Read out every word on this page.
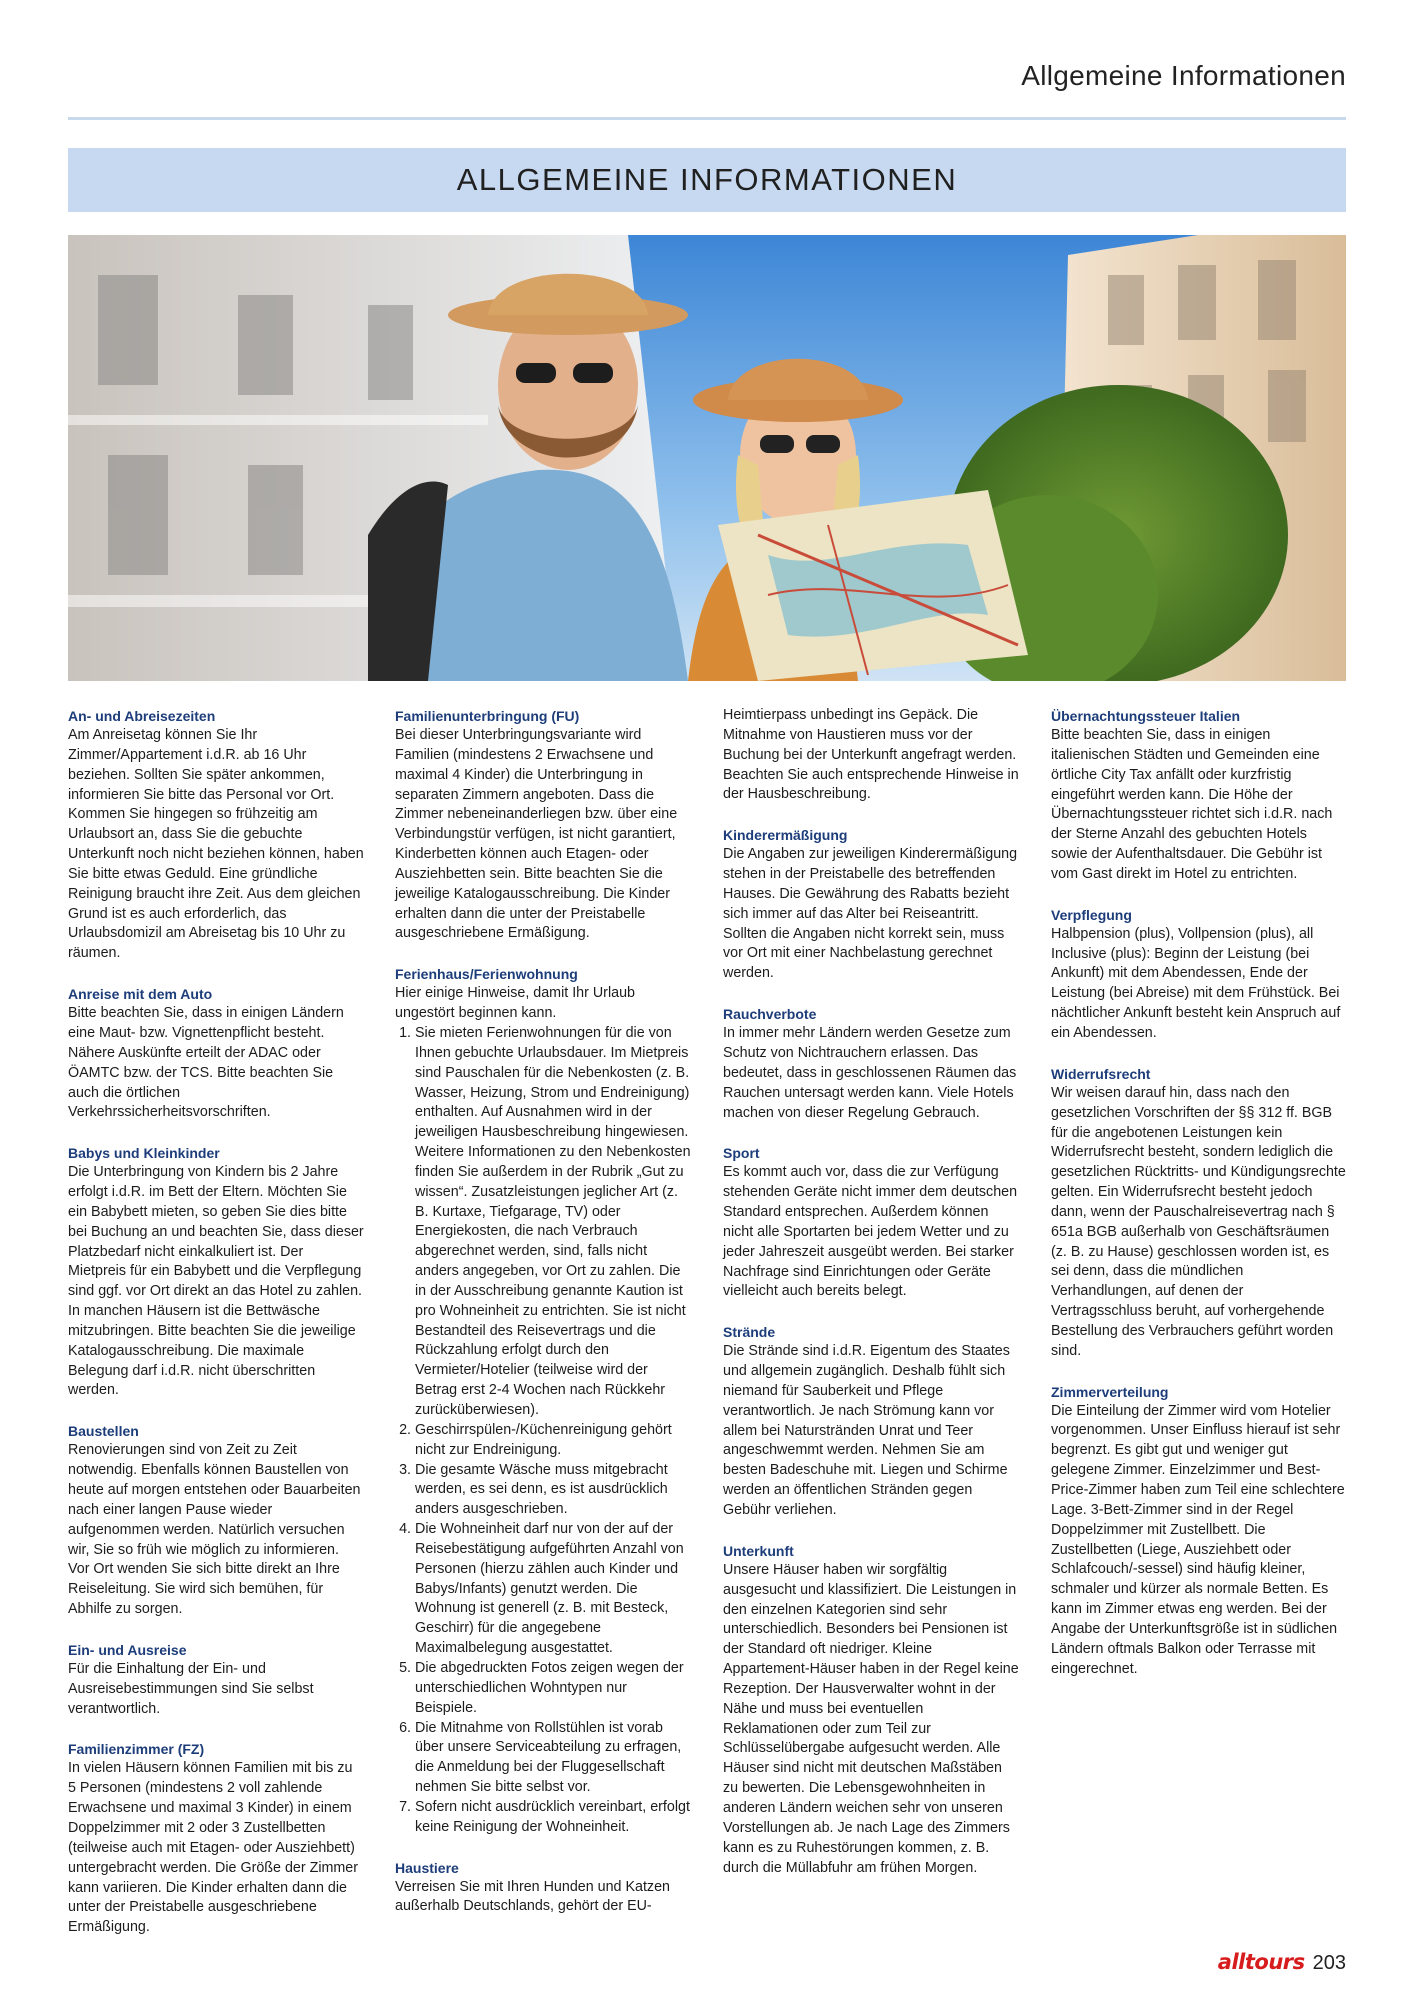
Allgemeine Informationen
ALLGEMEINE INFORMATIONEN
An- und Abreisezeiten

Am Anreisetag können Sie Ihr Zimmer/Appartement i.d.R. ab 16 Uhr beziehen. Sollten Sie später ankommen, informieren Sie bitte das Personal vor Ort. Kommen Sie hingegen so frühzeitig am Urlaubsort an, dass Sie die gebuchte Unterkunft noch nicht beziehen können, haben Sie bitte etwas Geduld. Eine gründliche Reinigung braucht ihre Zeit. Aus dem gleichen Grund ist es auch erforderlich, das Urlaubsdomizil am Abreisetag bis 10 Uhr zu räumen.

Anreise mit dem Auto

Bitte beachten Sie, dass in einigen Ländern eine Maut- bzw. Vignettenpflicht besteht. Nähere Auskünfte erteilt der ADAC oder ÖAMTC bzw. der TCS. Bitte beachten Sie auch die örtlichen Verkehrssicherheitsvorschriften.

Babys und Kleinkinder

Die Unterbringung von Kindern bis 2 Jahre erfolgt i.d.R. im Bett der Eltern. Möchten Sie ein Babybett mieten, so geben Sie dies bitte bei Buchung an und beachten Sie, dass dieser Platzbedarf nicht einkalkuliert ist. Der Mietpreis für ein Babybett und die Verpflegung sind ggf. vor Ort direkt an das Hotel zu zahlen. In manchen Häusern ist die Bettwäsche mitzubringen. Bitte beachten Sie die jeweilige Katalogausschreibung. Die maximale Belegung darf i.d.R. nicht überschritten werden.

Baustellen

Renovierungen sind von Zeit zu Zeit notwendig. Ebenfalls können Baustellen von heute auf morgen entstehen oder Bauarbeiten nach einer langen Pause wieder aufgenommen werden. Natürlich versuchen wir, Sie so früh wie möglich zu informieren. Vor Ort wenden Sie sich bitte direkt an Ihre Reiseleitung. Sie wird sich bemühen, für Abhilfe zu sorgen.

Ein- und Ausreise

Für die Einhaltung der Ein- und Ausreisebestimmungen sind Sie selbst verantwortlich.

Familienzimmer (FZ)

In vielen Häusern können Familien mit bis zu 5 Personen (mindestens 2 voll zahlende Erwachsene und maximal 3 Kinder) in einem Doppelzimmer mit 2 oder 3 Zustellbetten (teilweise auch mit Etagen- oder Ausziehbett) untergebracht werden. Die Größe der Zimmer kann variieren. Die Kinder erhalten dann die unter der Preistabelle ausgeschriebene Ermäßigung.

Familienunterbringung (FU)

Bei dieser Unterbringungsvariante wird Familien (mindestens 2 Erwachsene und maximal 4 Kinder) die Unterbringung in separaten Zimmern angeboten. Dass die Zimmer nebeneinanderliegen bzw. über eine Verbindungstür verfügen, ist nicht garantiert, Kinderbetten können auch Etagen- oder Ausziehbetten sein. Bitte beachten Sie die jeweilige Katalogausschreibung. Die Kinder erhalten dann die unter der Preistabelle ausgeschriebene Ermäßigung.

Ferienhaus/Ferienwohnung

Hier einige Hinweise, damit Ihr Urlaub ungestört beginnen kann.

1. Sie mieten Ferienwohnungen für die von Ihnen gebuchte Urlaubsdauer. Im Mietpreis sind Pauschalen für die Nebenkosten (z. B. Wasser, Heizung, Strom und Endreinigung) enthalten. Auf Ausnahmen wird in der jeweiligen Hausbeschreibung hingewiesen. Weitere Informationen zu den Nebenkosten finden Sie außerdem in der Rubrik „Gut zu wissen“. Zusatzleistungen jeglicher Art (z. B. Kurtaxe, Tiefgarage, TV) oder Energiekosten, die nach Verbrauch abgerechnet werden, sind, falls nicht anders angegeben, vor Ort zu zahlen. Die in der Ausschreibung genannte Kaution ist pro Wohneinheit zu entrichten. Sie ist nicht Bestandteil des Reisevertrags und die Rückzahlung erfolgt durch den Vermieter/Hotelier (teilweise wird der Betrag erst 2-4 Wochen nach Rückkehr zurücküberwiesen).
2. Geschirrspülen-/Küchenreinigung gehört nicht zur Endreinigung.
3. Die gesamte Wäsche muss mitgebracht werden, es sei denn, es ist ausdrücklich anders ausgeschrieben.
4. Die Wohneinheit darf nur von der auf der Reisebestätigung aufgeführten Anzahl von Personen (hierzu zählen auch Kinder und Babys/Infants) genutzt werden. Die Wohnung ist generell (z. B. mit Besteck, Geschirr) für die angegebene Maximalbelegung ausgestattet.
5. Die abgedruckten Fotos zeigen wegen der unterschiedlichen Wohntypen nur Beispiele.
6. Die Mitnahme von Rollstühlen ist vorab über unsere Serviceabteilung zu erfragen, die Anmeldung bei der Fluggesellschaft nehmen Sie bitte selbst vor.
7. Sofern nicht ausdrücklich vereinbart, erfolgt keine Reinigung der Wohneinheit.
Haustiere

Verreisen Sie mit Ihren Hunden und Katzen außerhalb Deutschlands, gehört der EU-

Heimtierpass unbedingt ins Gepäck. Die Mitnahme von Haustieren muss vor der Buchung bei der Unterkunft angefragt werden. Beachten Sie auch entsprechende Hinweise in der Hausbeschreibung.

Kinderermäßigung

Die Angaben zur jeweiligen Kinderermäßigung stehen in der Preistabelle des betreffenden Hauses. Die Gewährung des Rabatts bezieht sich immer auf das Alter bei Reiseantritt. Sollten die Angaben nicht korrekt sein, muss vor Ort mit einer Nachbelastung gerechnet werden.

Rauchverbote

In immer mehr Ländern werden Gesetze zum Schutz von Nichtrauchern erlassen. Das bedeutet, dass in geschlossenen Räumen das Rauchen untersagt werden kann. Viele Hotels machen von dieser Regelung Gebrauch.

Sport

Es kommt auch vor, dass die zur Verfügung stehenden Geräte nicht immer dem deutschen Standard entsprechen. Außerdem können nicht alle Sportarten bei jedem Wetter und zu jeder Jahreszeit ausgeübt werden. Bei starker Nachfrage sind Einrichtungen oder Geräte vielleicht auch bereits belegt.

Strände

Die Strände sind i.d.R. Eigentum des Staates und allgemein zugänglich. Deshalb fühlt sich niemand für Sauberkeit und Pflege verantwortlich. Je nach Strömung kann vor allem bei Naturstränden Unrat und Teer angeschwemmt werden. Nehmen Sie am besten Badeschuhe mit. Liegen und Schirme werden an öffentlichen Stränden gegen Gebühr verliehen.

Unterkunft

Unsere Häuser haben wir sorgfältig ausgesucht und klassifiziert. Die Leistungen in den einzelnen Kategorien sind sehr unterschiedlich. Besonders bei Pensionen ist der Standard oft niedriger. Kleine Appartement-Häuser haben in der Regel keine Rezeption. Der Hausverwalter wohnt in der Nähe und muss bei eventuellen Reklamationen oder zum Teil zur Schlüsselübergabe aufgesucht werden. Alle Häuser sind nicht mit deutschen Maßstäben zu bewerten. Die Lebensgewohnheiten in anderen Ländern weichen sehr von unseren Vorstellungen ab. Je nach Lage des Zimmers kann es zu Ruhestörungen kommen, z. B. durch die Müllabfuhr am frühen Morgen.

Übernachtungssteuer Italien

Bitte beachten Sie, dass in einigen italienischen Städten und Gemeinden eine örtliche City Tax anfällt oder kurzfristig eingeführt werden kann. Die Höhe der Übernachtungssteuer richtet sich i.d.R. nach der Sterne Anzahl des gebuchten Hotels sowie der Aufenthaltsdauer. Die Gebühr ist vom Gast direkt im Hotel zu entrichten.

Verpflegung

Halbpension (plus), Vollpension (plus), all Inclusive (plus): Beginn der Leistung (bei Ankunft) mit dem Abendessen, Ende der Leistung (bei Abreise) mit dem Frühstück. Bei nächtlicher Ankunft besteht kein Anspruch auf ein Abendessen.

Widerrufsrecht

Wir weisen darauf hin, dass nach den gesetzlichen Vorschriften der §§ 312 ff. BGB für die angebotenen Leistungen kein Widerrufsrecht besteht, sondern lediglich die gesetzlichen Rücktritts- und Kündigungsrechte gelten. Ein Widerrufsrecht besteht jedoch dann, wenn der Pauschalreisevertrag nach § 651a BGB außerhalb von Geschäftsräumen (z. B. zu Hause) geschlossen worden ist, es sei denn, dass die mündlichen Verhandlungen, auf denen der Vertragsschluss beruht, auf vorhergehende Bestellung des Verbrauchers geführt worden sind.

Zimmerverteilung

Die Einteilung der Zimmer wird vom Hotelier vorgenommen. Unser Einfluss hierauf ist sehr begrenzt. Es gibt gut und weniger gut gelegene Zimmer. Einzelzimmer und Best-Price-Zimmer haben zum Teil eine schlechtere Lage. 3-Bett-Zimmer sind in der Regel Doppelzimmer mit Zustellbett. Die Zustellbetten (Liege, Ausziehbett oder Schlafcouch/-sessel) sind häufig kleiner, schmaler und kürzer als normale Betten. Es kann im Zimmer etwas eng werden. Bei der Angabe der Unterkunftsgröße ist in südlichen Ländern oftmals Balkon oder Terrasse mit eingerechnet.

alltours 203
